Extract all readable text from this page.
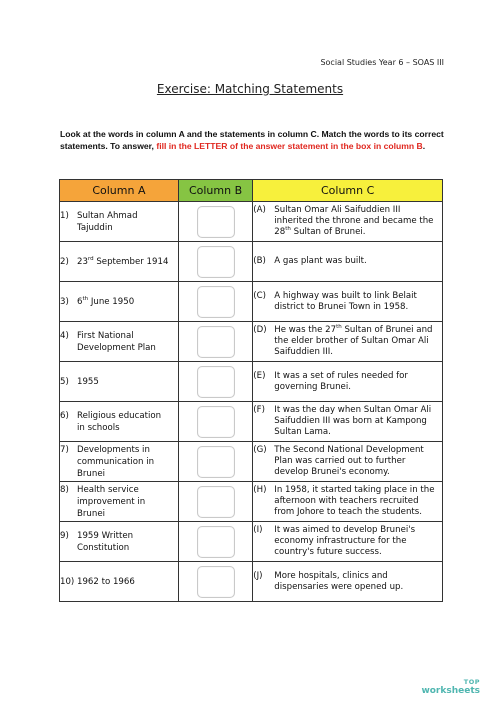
Social Studies Year 6 – SOAS III
Exercise: Matching Statements
Look at the words in column A and the statements in column C. Match the words to its correct statements. To answer, fill in the LETTER of the answer statement in the box in column B.
Column A	Column B	Column C
1) Sultan Ahmad Tajuddin		(A) Sultan Omar Ali Saifuddien III inherited the throne and became the 28th Sultan of Brunei.
2) 23rd September 1914		(B) A gas plant was built.
3) 6th June 1950		(C) A highway was built to link Belait district to Brunei Town in 1958.
4) First National Development Plan		(D) He was the 27th Sultan of Brunei and the elder brother of Sultan Omar Ali Saifuddien III.
5) 1955		(E) It was a set of rules needed for governing Brunei.
6) Religious education in schools		(F) It was the day when Sultan Omar Ali Saifuddien III was born at Kampong Sultan Lama.
7) Developments in communication in Brunei		(G) The Second National Development Plan was carried out to further develop Brunei's economy.
8) Health service improvement in Brunei		(H) In 1958, it started taking place in the afternoon with teachers recruited from Johore to teach the students.
9) 1959 Written Constitution		(I) It was aimed to develop Brunei's economy infrastructure for the country's future success.
10) 1962 to 1966		(J) More hospitals, clinics and dispensaries were opened up.
TOP
worksheets
